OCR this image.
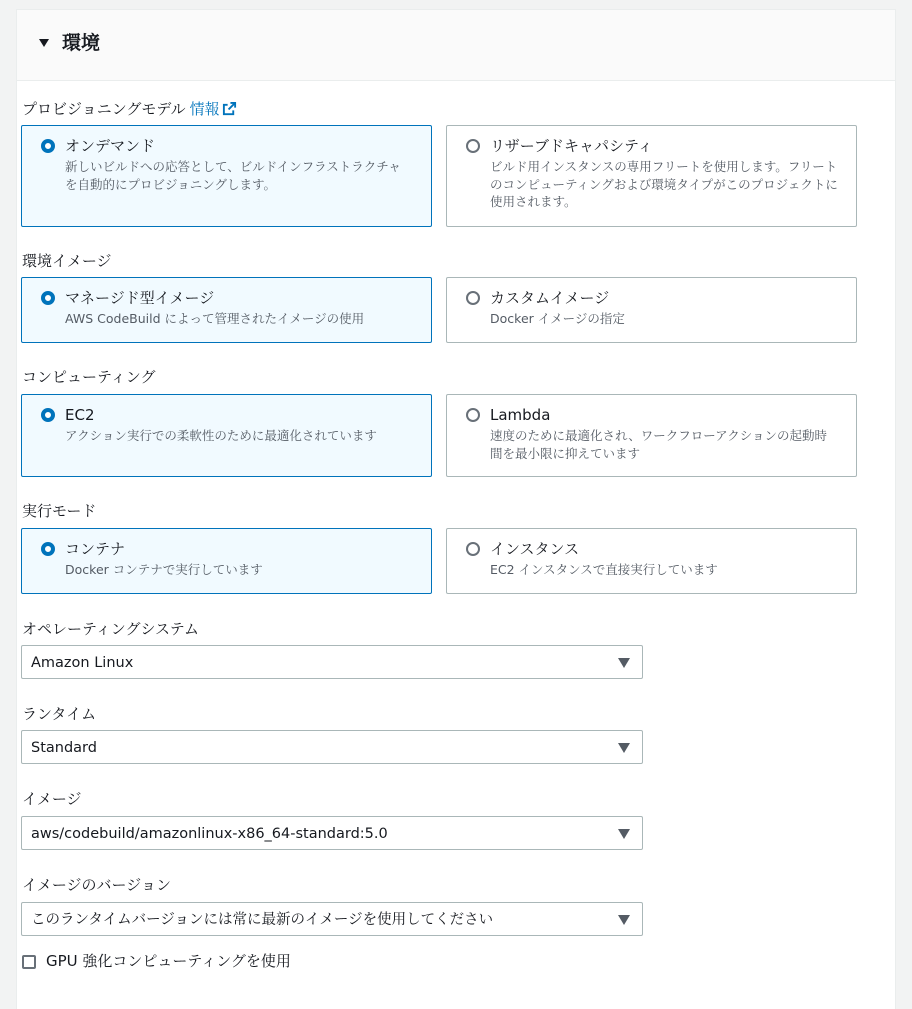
環境
プロビジョニングモデル 情報
オンデマンド
新しいビルドへの応答として、ビルドインフラストラクチャを自動的にプロビジョニングします。
リザーブドキャパシティ
ビルド用インスタンスの専用フリートを使用します。フリートのコンピューティングおよび環境タイプがこのプロジェクトに使用されます。
環境イメージ
マネージド型イメージ
AWS CodeBuild によって管理されたイメージの使用
カスタムイメージ
Docker イメージの指定
コンピューティング
EC2
アクション実行での柔軟性のために最適化されています
Lambda
速度のために最適化され、ワークフローアクションの起動時間を最小限に抑えています
実行モード
コンテナ
Docker コンテナで実行しています
インスタンス
EC2 インスタンスで直接実行しています
オペレーティングシステム
Amazon Linux
ランタイム
Standard
イメージ
aws/codebuild/amazonlinux-x86_64-standard:5.0
イメージのバージョン
このランタイムバージョンには常に最新のイメージを使用してください
GPU 強化コンピューティングを使用
